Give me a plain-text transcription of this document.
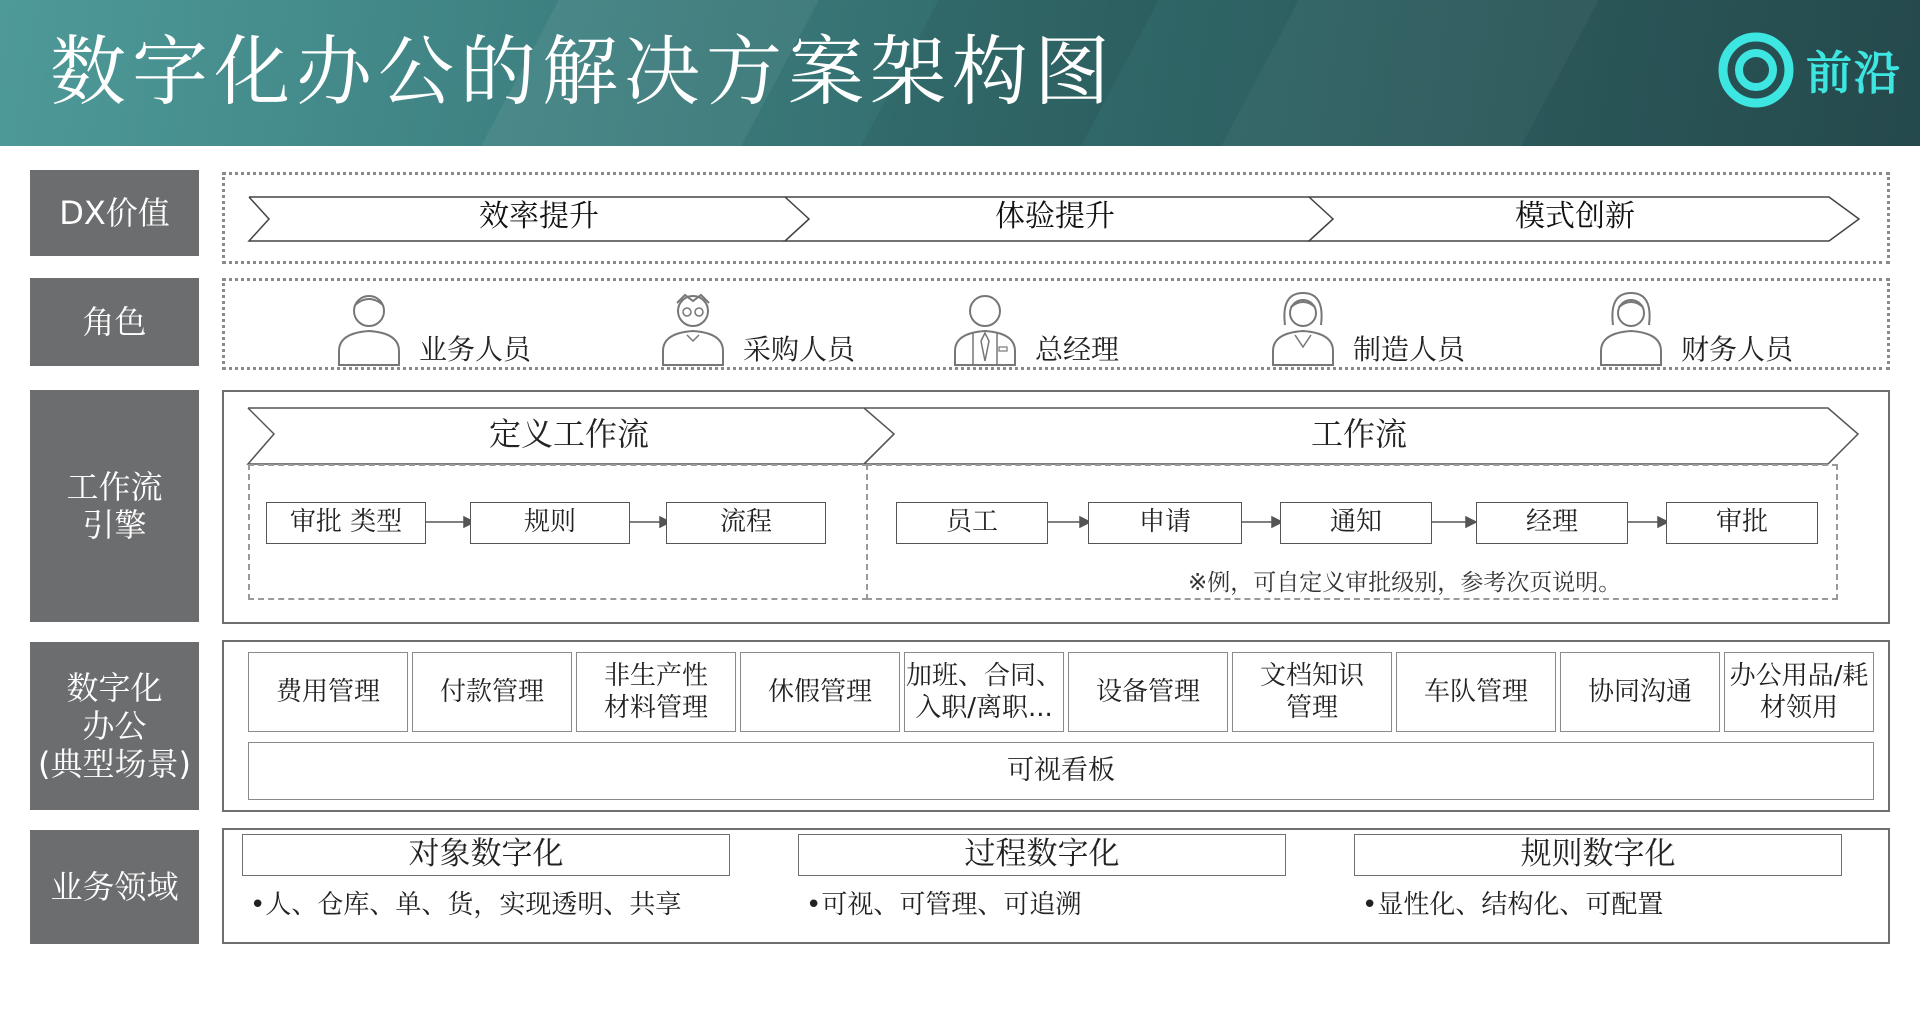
数字化办公的解决方案架构图	前沿
DX价值	效率提升	体验提升	模式创新
角色
业务人员	采购人员	总经理	制造人员	财务人员
工作流
引擎
定义工作流	工作流
审批 类型	规则	流程	员工	申请	通知	经理	审批
※例，可自定义审批级别，参考次页说明。
数字化
办公
(典型场景)
费用管理	付款管理
非生产性
材料管理
休假管理
加班、合同、
入职/离职...
设备管理
文档知识
管理
车队管理	协同沟通
办公用品/耗
材领用
可视看板
业务领域
对象数字化
•人、仓库、单、货，实现透明、共享
过程数字化
•可视、可管理、可追溯
规则数字化
•显性化、结构化、可配置
